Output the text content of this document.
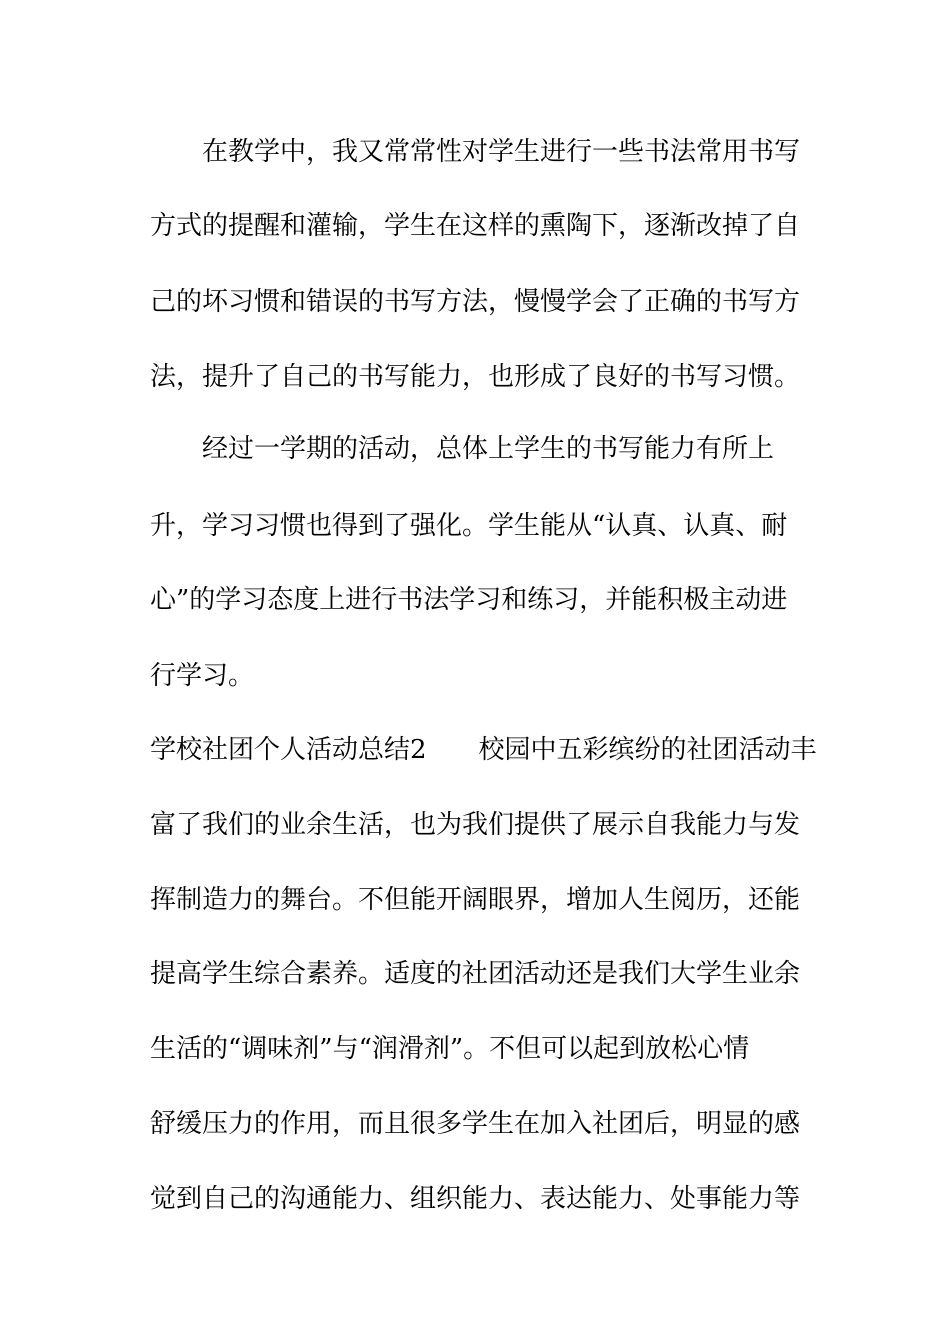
在教学中，我又常常性对学生进行一些书法常用书写
方式的提醒和灌输，学生在这样的熏陶下，逐渐改掉了自
己的坏习惯和错误的书写方法，慢慢学会了正确的书写方
法，提升了自己的书写能力，也形成了良好的书写习惯。
经过一学期的活动，总体上学生的书写能力有所上
升，学习习惯也得到了强化。学生能从“认真、认真、耐
心”的学习态度上进行书法学习和练习，并能积极主动进
行学习。
学校社团个人活动总结2　　校园中五彩缤纷的社团活动丰
富了我们的业余生活，也为我们提供了展示自我能力与发
挥制造力的舞台。不但能开阔眼界，增加人生阅历，还能
提高学生综合素养。适度的社团活动还是我们大学生业余
生活的“调味剂”与“润滑剂”。不但可以起到放松心情
舒缓压力的作用，而且很多学生在加入社团后，明显的感
觉到自己的沟通能力、组织能力、表达能力、处事能力等
